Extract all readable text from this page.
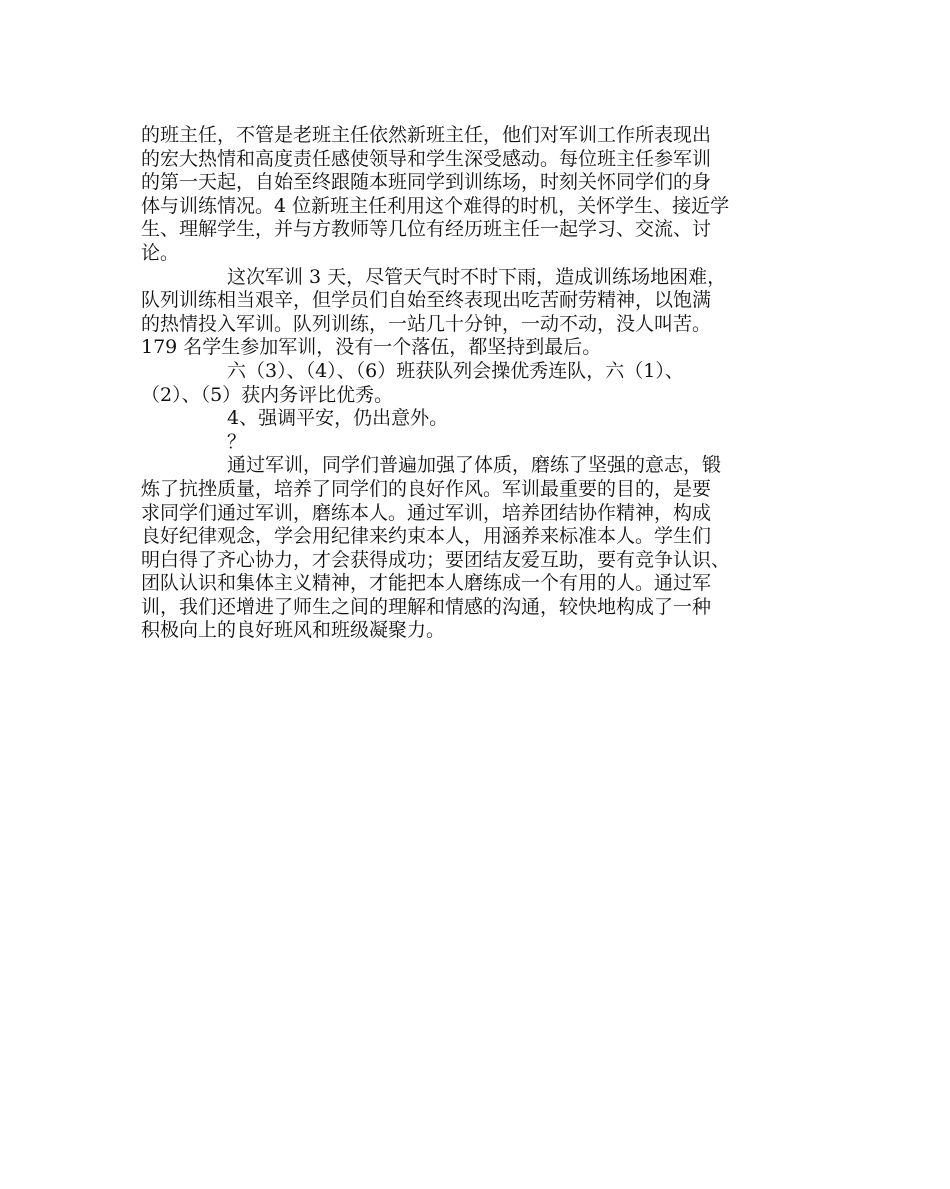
的班主任，不管是老班主任依然新班主任，他们对军训工作所表现出
的宏大热情和高度责任感使领导和学生深受感动。每位班主任参军训
的第一天起，自始至终跟随本班同学到训练场，时刻关怀同学们的身
体与训练情况。4 位新班主任利用这个难得的时机，关怀学生、接近学
生、理解学生，并与方教师等几位有经历班主任一起学习、交流、讨
论。

这次军训 3 天，尽管天气时不时下雨，造成训练场地困难，
队列训练相当艰辛，但学员们自始至终表现出吃苦耐劳精神，以饱满
的热情投入军训。队列训练，一站几十分钟，一动不动，没人叫苦。
179 名学生参加军训，没有一个落伍，都坚持到最后。

六（3）、（4）、（6）班获队列会操优秀连队，六（1）、
（2）、（5）获内务评比优秀。

4、强调平安，仍出意外。

？

通过军训，同学们普遍加强了体质，磨练了坚强的意志，锻
炼了抗挫质量，培养了同学们的良好作风。军训最重要的目的，是要
求同学们通过军训，磨练本人。通过军训，培养团结协作精神，构成
良好纪律观念，学会用纪律来约束本人，用涵养来标准本人。学生们
明白得了齐心协力，才会获得成功；要团结友爱互助，要有竞争认识、
团队认识和集体主义精神，才能把本人磨练成一个有用的人。通过军
训，我们还增进了师生之间的理解和情感的沟通，较快地构成了一种
积极向上的良好班风和班级凝聚力。
